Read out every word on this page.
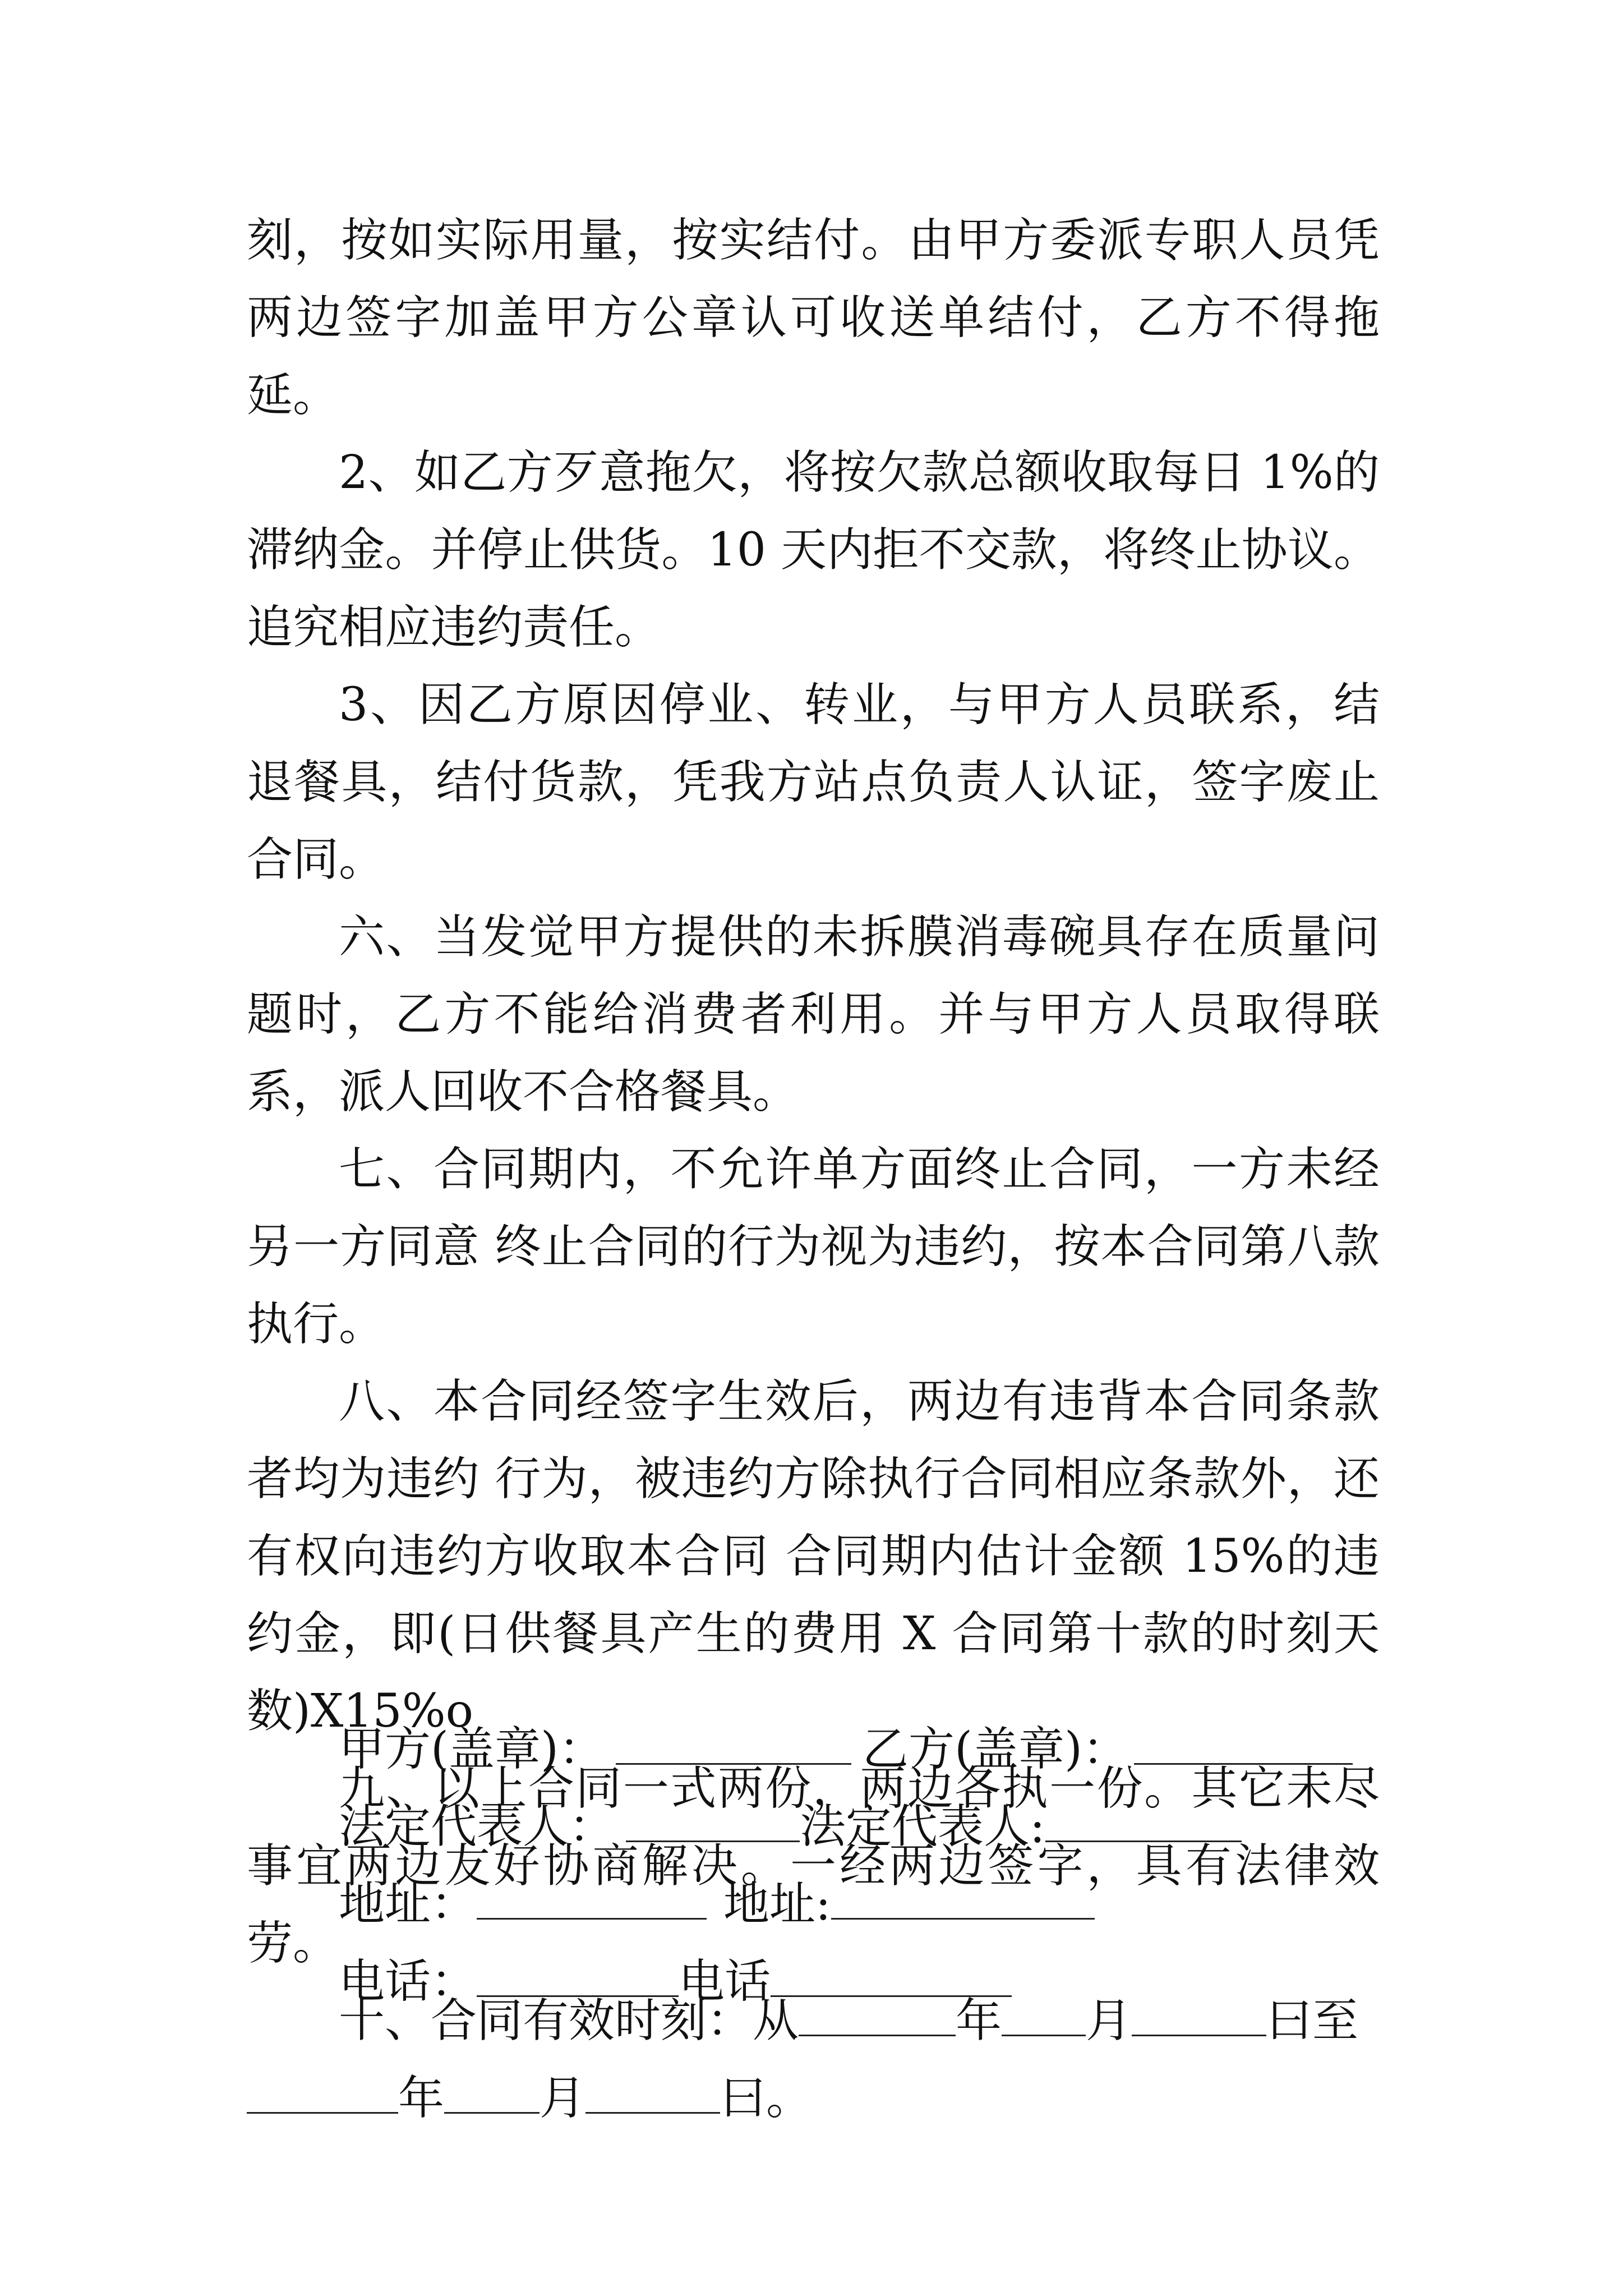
刻，按如实际用量，按实结付。由甲方委派专职人员凭两边签字加盖甲方公章认可收送单结付，乙方不得拖延。

2、如乙方歹意拖欠，将按欠款总额收取每日 1%的滞纳金。并停止供货。10 天内拒不交款，将终止协议。追究相应违约责任。

3、因乙方原因停业、转业，与甲方人员联系，结退餐具，结付货款，凭我方站点负责人认证，签字废止合同。

六、当发觉甲方提供的未拆膜消毒碗具存在质量问题时，乙方不能给消费者利用。并与甲方人员取得联系，派人回收不合格餐具。

七、合同期内，不允许单方面终止合同，一方未经另一方同意 终止合同的行为视为违约，按本合同第八款执行。

八、本合同经签字生效后，两边有违背本合同条款者均为违约 行为，被违约方除执行合同相应条款外，还有权向违约方收取本合同 合同期内估计金额 15%的违约金，即(日供餐具产生的费用 X 合同第十款的时刻天数)X15%o

九、以上合同一式两份，两边各执一份。其它未尽事宜两边友好协商解决。一经两边签字，具有法律效劳。

十、合同有效时刻：从	年 月	曰至
年 月	曰。

甲方(盖章)：	乙方(盖章)：
法定代表人：	法定代表人:
地址：	地址:
电话：	电话
